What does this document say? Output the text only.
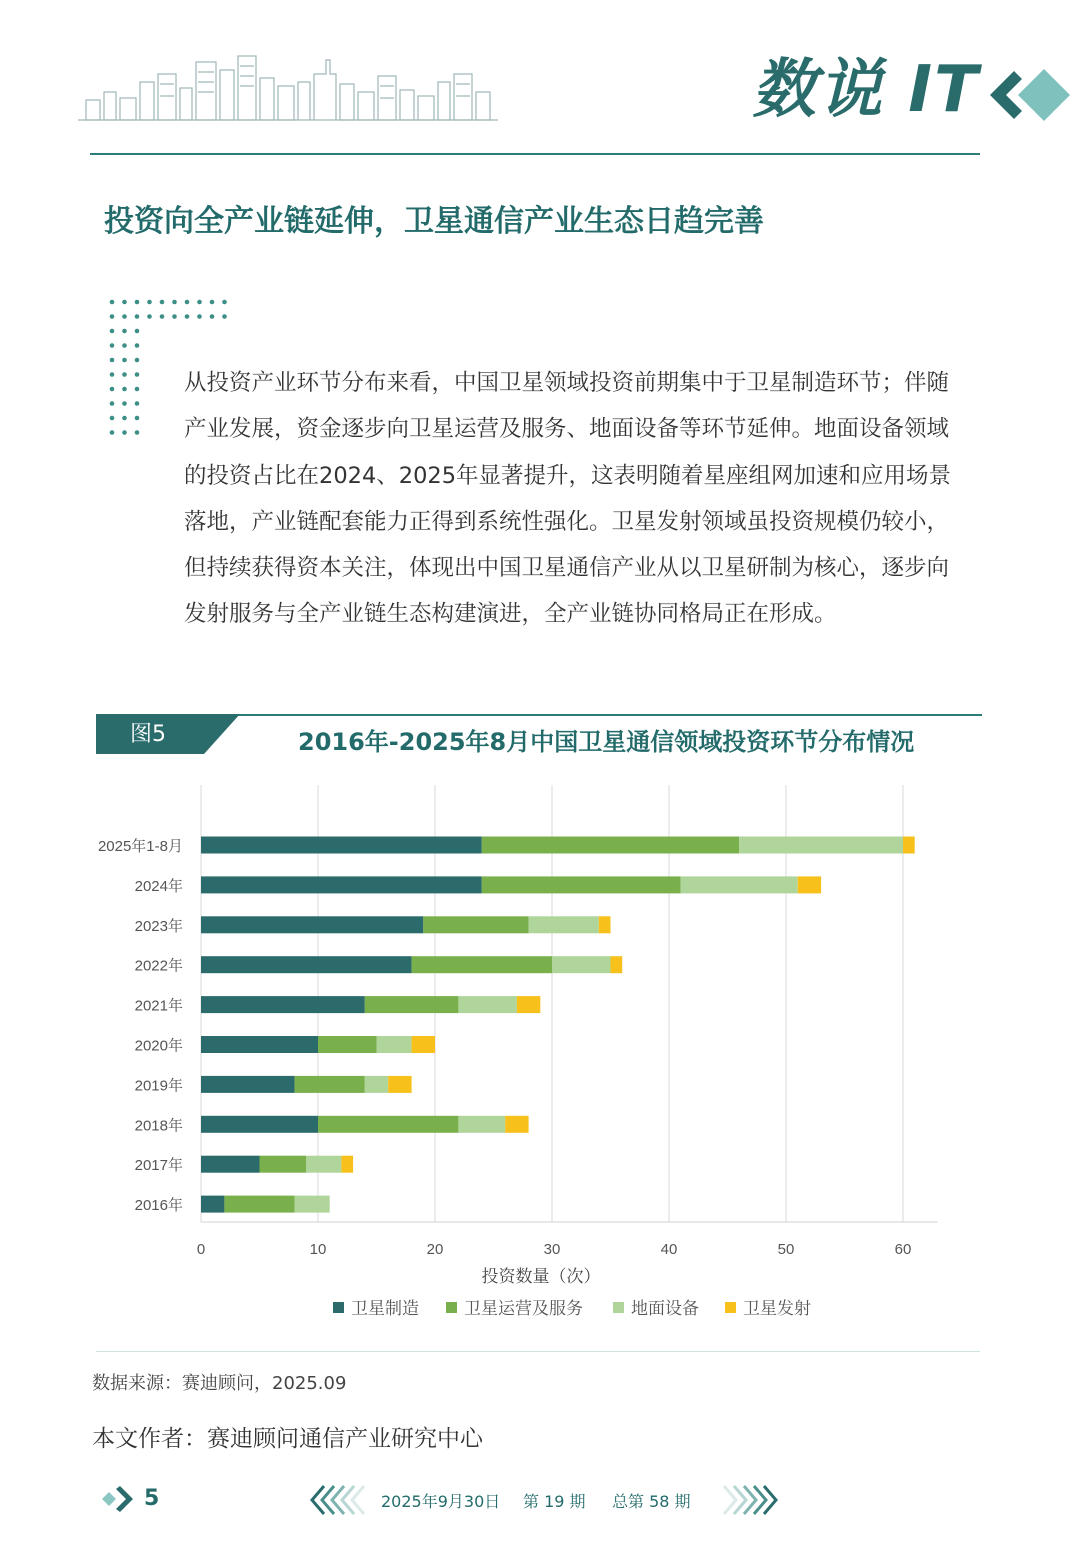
数说 IT
投资向全产业链延伸，卫星通信产业生态日趋完善
从投资产业环节分布来看，中国卫星领域投资前期集中于卫星制造环节；伴随产业发展，资金逐步向卫星运营及服务、地面设备等环节延伸。地面设备领域的投资占比在2024、2025年显著提升，这表明随着星座组网加速和应用场景落地，产业链配套能力正得到系统性强化。卫星发射领域虽投资规模仍较小，但持续获得资本关注，体现出中国卫星通信产业从以卫星研制为核心，逐步向发射服务与全产业链生态构建演进，全产业链协同格局正在形成。
图5	2016年-2025年8月中国卫星通信领域投资环节分布情况
2025年1-8月
2024年
2023年
2022年
2021年
2020年
2019年
2018年
2017年
2016年
0	10	20	30	40	50	60
投资数量（次）
卫星制造	卫星运营及服务	地面设备	卫星发射
数据来源：赛迪顾问，2025.09
本文作者：赛迪顾问通信产业研究中心
5	2025年9月30日 第 19 期 总第 58 期
